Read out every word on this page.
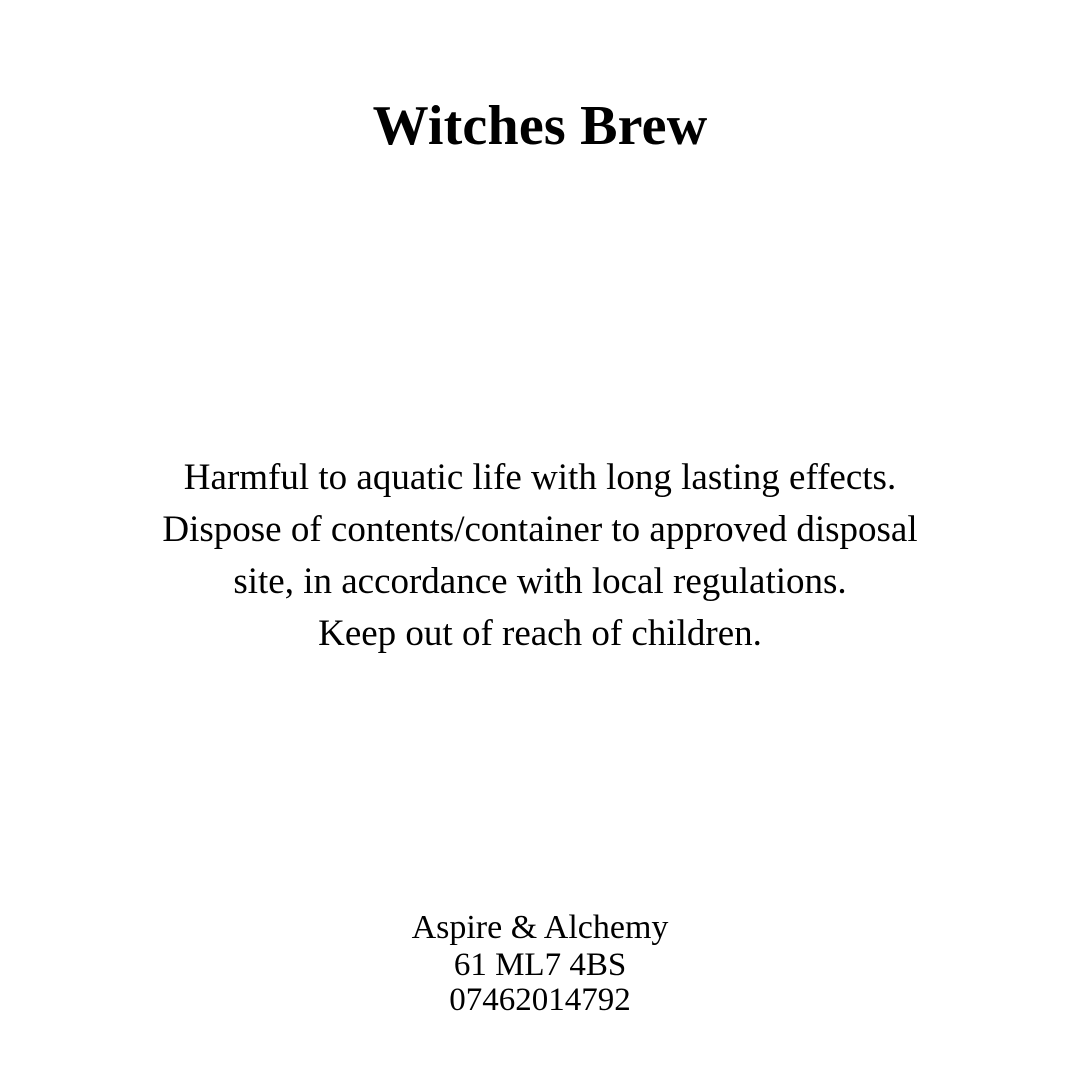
Witches Brew
Harmful to aquatic life with long lasting effects.
Dispose of contents/container to approved disposal
site, in accordance with local regulations.
Keep out of reach of children.
Aspire & Alchemy
61 ML7 4BS
07462014792
